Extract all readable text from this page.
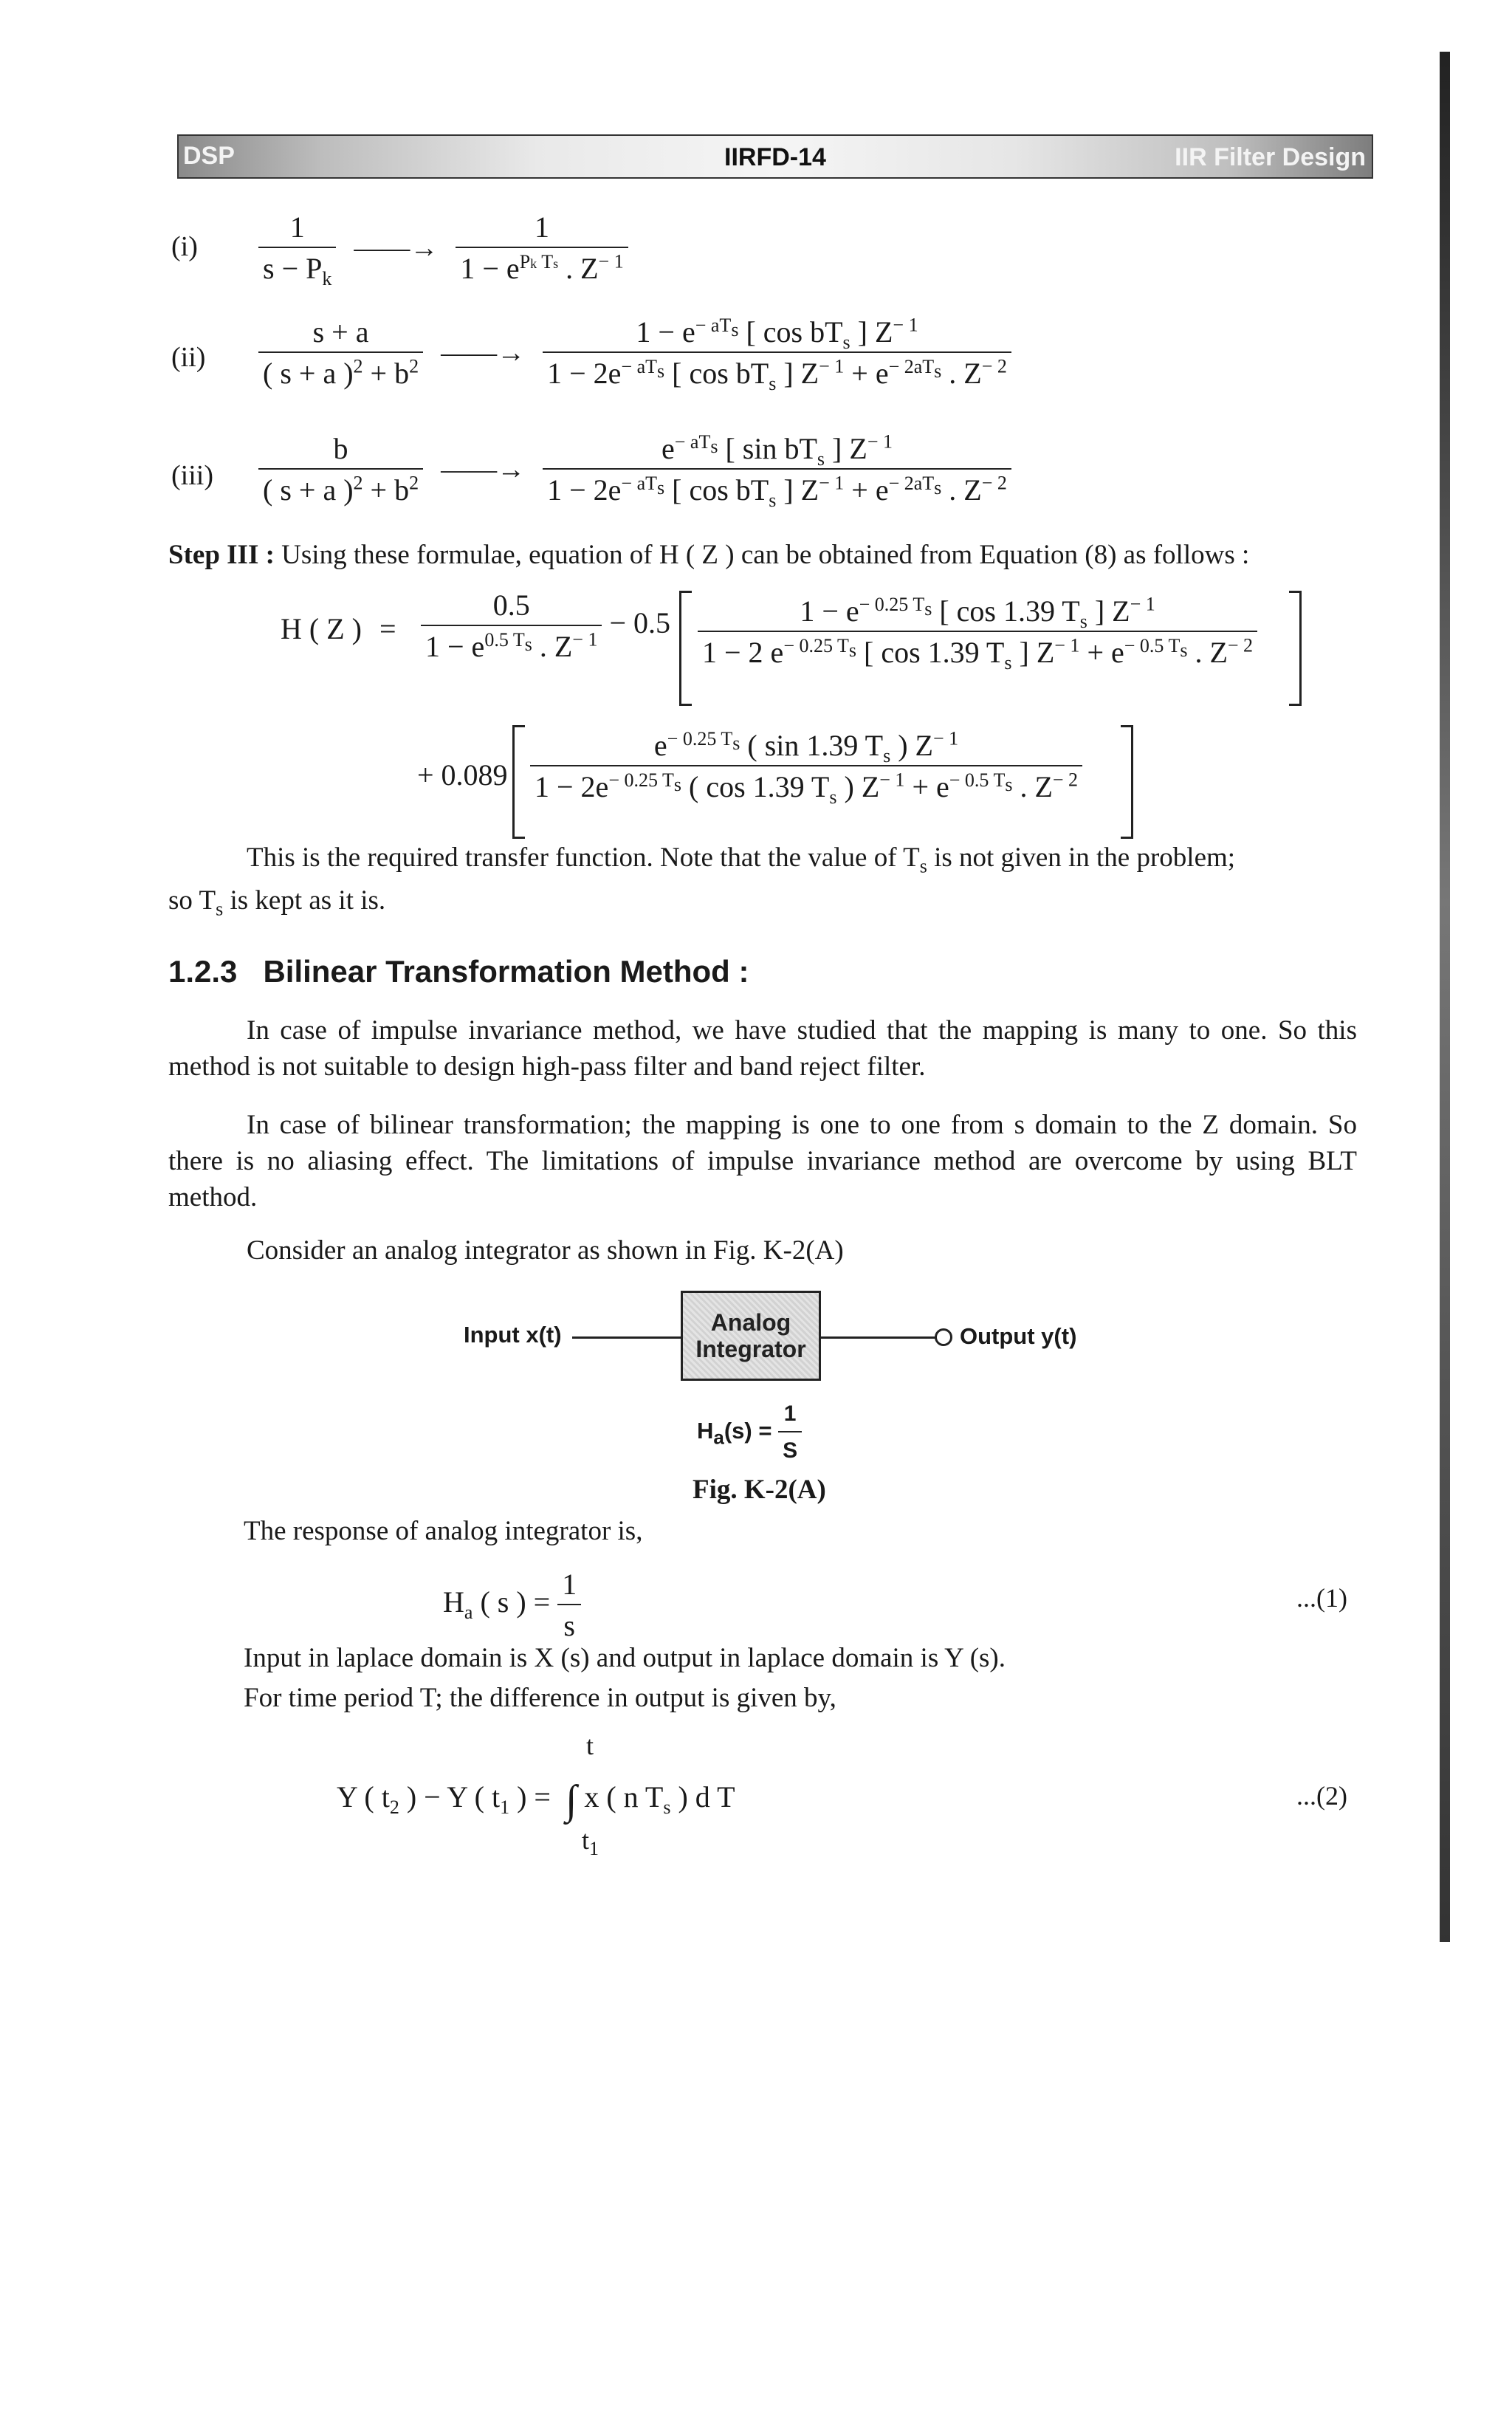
DSP	IIRFD-14	IIR Filter Design
$(i) \frac{1}{s - P_k}$ ——→ $\frac{1}{1 - e^{Pk Ts} . Z^{- 1}}$
$(ii) \frac{s + a}{( s + a )^2 + b^2}$ ——→ $\frac{1 - e^{- aT_s} [ \cos bT_s ] Z^{- 1}}{1 - 2e^{- aT_s} [ \cos bT_s ] Z^{- 1} + e^{- 2aT_s} . Z^{- 2}}$
$(iii) \frac{b}{( s + a )^2 + b^2}$ ——→ $\frac{e^{- aT_s} [ \sin bT_s ] Z^{- 1}}{1 - 2e^{- aT_s} [ \cos bT_s ] Z^{- 1} + e^{- 2aT_s} . Z^{- 2}}$
Step III : Using these formulae, equation of H ( Z ) can be obtained from Equation (8) as follows :
H ( Z ) = $\frac{0.5}{1 - e^{0.5 T_s} . Z^{- 1}} - 0.5 \frac{1 - e^{- 0.25 T_s} [ \cos 1.39 T_s ] Z^{- 1}}{1 - 2 e^{- 0.25 T_s} [ \cos 1.39 T_s ] Z^{- 1} + e^{- 0.5 T_s} . Z^{- 2}}$
+ $0.089 \frac{e^{- 0.25 T_s} ( \sin 1.39 T_s ) Z^{- 1}}{1 - 2e^{- 0.25 T_s} ( \cos 1.39 T_s ) Z^{- 1} + e^{- 0.5 T_s} . Z^{- 2}}$
This is the required transfer function. Note that the value of $T_s$ is not given in the problem;
so $T_s$ is kept as it is.
1.2.3 Bilinear Transformation Method :
In case of impulse invariance method, we have studied that the mapping is many to one. So this method is not suitable to design high-pass filter and band reject filter.
In case of bilinear transformation; the mapping is one to one from s domain to the Z domain. So there is no aliasing effect. The limitations of impulse invariance method are overcome by using BLT method.
Consider an analog integrator as shown in Fig. K-2(A)
Input x(t)	Analog
Integrator	Output y(t)
$H_a(s) = \frac{1}{S}$
Fig. K-2(A)
The response of analog integrator is,
$H_a$ ( s ) = $\frac{1}{s}$	...(1)
Input in laplace domain is X (s) and output in laplace domain is Y (s).
For time period T; the difference in output is given by,
Y ( $t_2$ ) − Y ( $t_1$ ) = ∫ x ( n $T_s$ ) d T
t
$t_1$
...(2)
